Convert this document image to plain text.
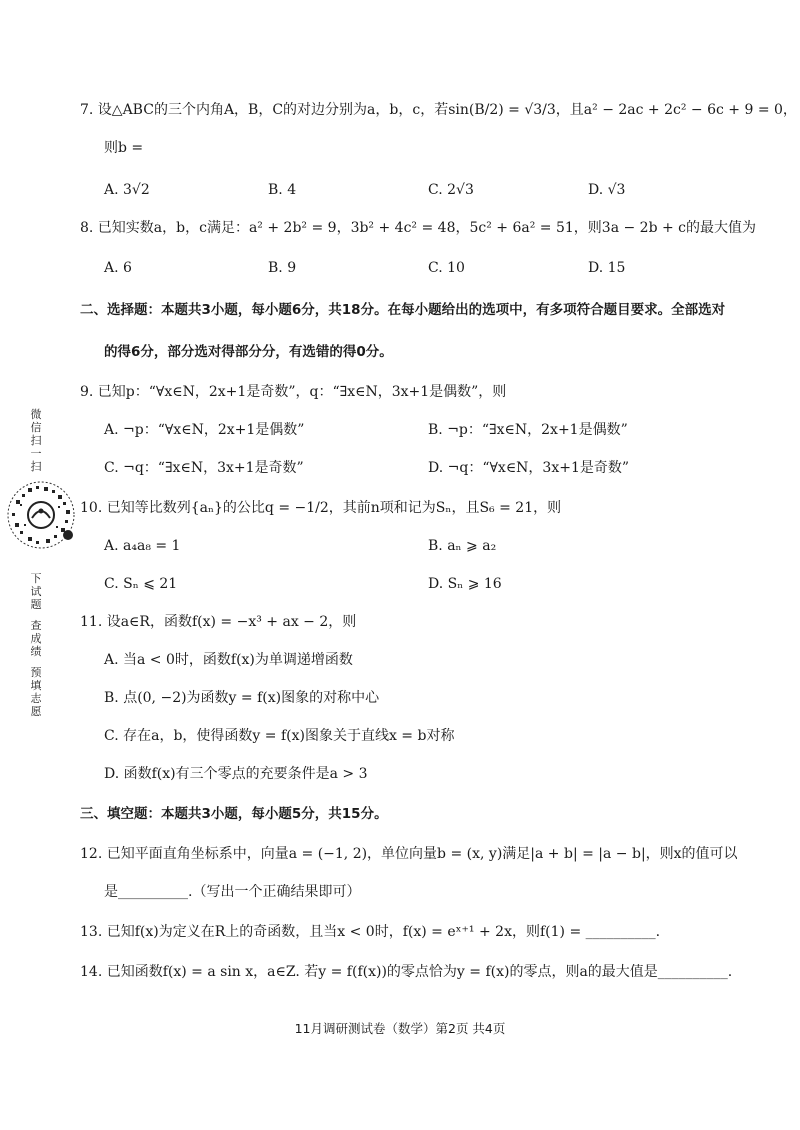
7. 设△ABC的三个内角A，B，C的对边分别为a，b，c，若sin(B/2) = √3/3，且a² − 2ac + 2c² − 6c + 9 = 0，
则b =
A. 3√2	B. 4	C. 2√3	D. √3
8. 已知实数a，b，c满足：a² + 2b² = 9，3b² + 4c² = 48，5c² + 6a² = 51，则3a − 2b + c的最大值为
A. 6	B. 9	C. 10	D. 15
二、选择题：本题共3小题，每小题6分，共18分。在每小题给出的选项中，有多项符合题目要求。全部选对
的得6分，部分选对得部分分，有选错的得0分。
9. 已知p：“∀x∈N，2x+1是奇数”，q：“∃x∈N，3x+1是偶数”，则
A. ¬p：“∀x∈N，2x+1是偶数”	B. ¬p：“∃x∈N，2x+1是偶数”
C. ¬q：“∃x∈N，3x+1是奇数”	D. ¬q：“∀x∈N，3x+1是奇数”
10. 已知等比数列{aₙ}的公比q = −1/2，其前n项和记为Sₙ，且S₆ = 21，则
A. a₄a₈ = 1	B. aₙ ⩾ a₂
C. Sₙ ⩽ 21	D. Sₙ ⩾ 16
11. 设a∈R，函数f(x) = −x³ + ax − 2，则
A. 当a < 0时，函数f(x)为单调递增函数
B. 点(0, −2)为函数y = f(x)图象的对称中心
C. 存在a，b，使得函数y = f(x)图象关于直线x = b对称
D. 函数f(x)有三个零点的充要条件是a > 3
三、填空题：本题共3小题，每小题5分，共15分。
12. 已知平面直角坐标系中，向量a = (−1, 2)，单位向量b = (x, y)满足|a + b| = |a − b|，则x的值可以
是__________.（写出一个正确结果即可）
13. 已知f(x)为定义在R上的奇函数，且当x < 0时，f(x) = eˣ⁺¹ + 2x，则f(1) = __________.
14. 已知函数f(x) = a sin x，a∈Z. 若y = f(f(x))的零点恰为y = f(x)的零点，则a的最大值是__________.
微
信
扫
一
扫
下
试
题
查
成
绩
预
填
志
愿
11月调研测试卷（数学）第2页 共4页
